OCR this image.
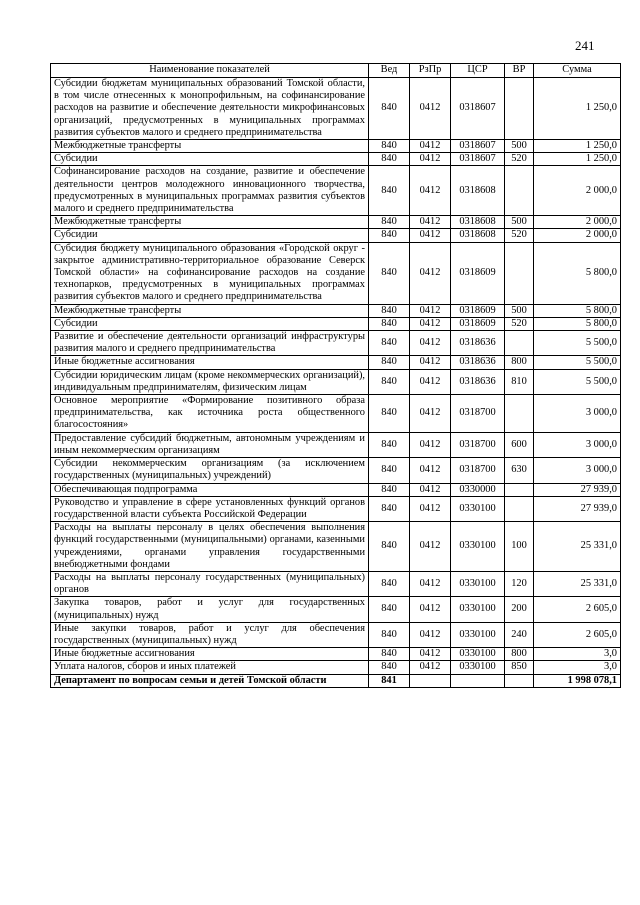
241
Наименование показателей	Вед	РзПр	ЦСР	ВР	Сумма
Субсидии бюджетам муниципальных образований Томской области, в том числе отнесенных к монопрофильным, на софинансирование расходов на развитие и обеспечение деятельности микрофинансовых организаций, предусмотренных в муниципальных программах развития субъектов малого и среднего предпринимательства	840	0412	0318607		1 250,0
Межбюджетные трансферты	840	0412	0318607	500	1 250,0
Субсидии	840	0412	0318607	520	1 250,0
Софинансирование расходов на создание, развитие и обеспечение деятельности центров молодежного инновационного творчества, предусмотренных в муниципальных программах развития субъектов малого и среднего предпринимательства	840	0412	0318608		2 000,0
Межбюджетные трансферты	840	0412	0318608	500	2 000,0
Субсидии	840	0412	0318608	520	2 000,0
Субсидия бюджету муниципального образования «Городской округ - закрытое административно-территориальное образование Северск Томской области» на софинансирование расходов на создание технопарков, предусмотренных в муниципальных программах развития субъектов малого и среднего предпринимательства	840	0412	0318609		5 800,0
Межбюджетные трансферты	840	0412	0318609	500	5 800,0
Субсидии	840	0412	0318609	520	5 800,0
Развитие и обеспечение деятельности организаций инфраструктуры развития малого и среднего предпринимательства	840	0412	0318636		5 500,0
Иные бюджетные ассигнования	840	0412	0318636	800	5 500,0
Субсидии юридическим лицам (кроме некоммерческих организаций), индивидуальным предпринимателям, физическим лицам	840	0412	0318636	810	5 500,0
Основное мероприятие «Формирование позитивного образа предпринимательства, как источника роста общественного благосостояния»	840	0412	0318700		3 000,0
Предоставление субсидий бюджетным, автономным учреждениям и иным некоммерческим организациям	840	0412	0318700	600	3 000,0
Субсидии некоммерческим организациям (за исключением государственных (муниципальных) учреждений)	840	0412	0318700	630	3 000,0
Обеспечивающая подпрограмма	840	0412	0330000		27 939,0
Руководство и управление в сфере установленных функций органов государственной власти субъекта Российской Федерации	840	0412	0330100		27 939,0
Расходы на выплаты персоналу в целях обеспечения выполнения функций государственными (муниципальными) органами, казенными учреждениями, органами управления государственными внебюджетными фондами	840	0412	0330100	100	25 331,0
Расходы на выплаты персоналу государственных (муниципальных) органов	840	0412	0330100	120	25 331,0
Закупка товаров, работ и услуг для государственных (муниципальных) нужд	840	0412	0330100	200	2 605,0
Иные закупки товаров, работ и услуг для обеспечения государственных (муниципальных) нужд	840	0412	0330100	240	2 605,0
Иные бюджетные ассигнования	840	0412	0330100	800	3,0
Уплата налогов, сборов и иных платежей	840	0412	0330100	850	3,0
Департамент по вопросам семьи и детей Томской области	841				1 998 078,1
